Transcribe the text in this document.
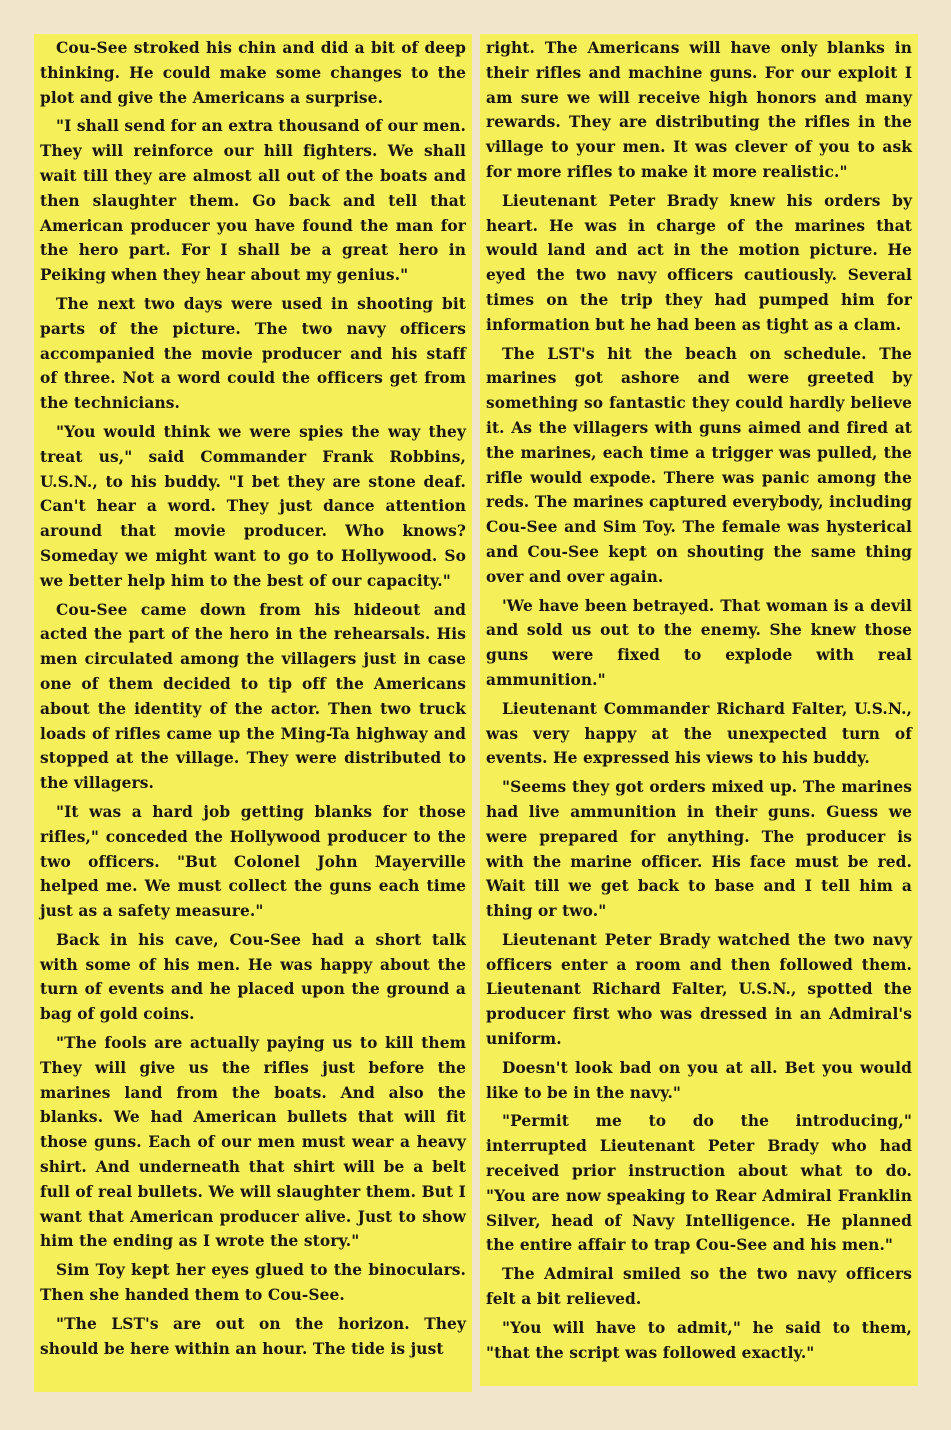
Cou-See stroked his chin and did a bit of deep thinking. He could make some changes to the plot and give the Americans a surprise.

"I shall send for an extra thousand of our men. They will reinforce our hill fighters. We shall wait till they are almost all out of the boats and then slaughter them. Go back and tell that American producer you have found the man for the hero part. For I shall be a great hero in Peiking when they hear about my genius."

The next two days were used in shooting bit parts of the picture. The two navy officers accompanied the movie producer and his staff of three. Not a word could the officers get from the technicians.

"You would think we were spies the way they treat us," said Commander Frank Robbins, U.S.N., to his buddy. "I bet they are stone deaf. Can't hear a word. They just dance attention around that movie producer. Who knows? Someday we might want to go to Hollywood. So we better help him to the best of our capacity."

Cou-See came down from his hideout and acted the part of the hero in the rehearsals. His men circulated among the villagers just in case one of them decided to tip off the Americans about the identity of the actor. Then two truck loads of rifles came up the Ming-Ta highway and stopped at the village. They were distributed to the villagers.

"It was a hard job getting blanks for those rifles," conceded the Hollywood producer to the two officers. "But Colonel John Mayerville helped me. We must collect the guns each time just as a safety measure."

Back in his cave, Cou-See had a short talk with some of his men. He was happy about the turn of events and he placed upon the ground a bag of gold coins.

"The fools are actually paying us to kill them They will give us the rifles just before the marines land from the boats. And also the blanks. We had American bullets that will fit those guns. Each of our men must wear a heavy shirt. And underneath that shirt will be a belt full of real bullets. We will slaughter them. But I want that American producer alive. Just to show him the ending as I wrote the story."

Sim Toy kept her eyes glued to the binoculars. Then she handed them to Cou-See.

"The LST's are out on the horizon. They should be here within an hour. The tide is just

right. The Americans will have only blanks in their rifles and machine guns. For our exploit I am sure we will receive high honors and many rewards. They are distributing the rifles in the village to your men. It was clever of you to ask for more rifles to make it more realistic."

Lieutenant Peter Brady knew his orders by heart. He was in charge of the marines that would land and act in the motion picture. He eyed the two navy officers cautiously. Several times on the trip they had pumped him for information but he had been as tight as a clam.

The LST's hit the beach on schedule. The marines got ashore and were greeted by something so fantastic they could hardly believe it. As the villagers with guns aimed and fired at the marines, each time a trigger was pulled, the rifle would expode. There was panic among the reds. The marines captured everybody, including Cou-See and Sim Toy. The female was hysterical and Cou-See kept on shouting the same thing over and over again.

'We have been betrayed. That woman is a devil and sold us out to the enemy. She knew those guns were fixed to explode with real ammunition."

Lieutenant Commander Richard Falter, U.S.N., was very happy at the unexpected turn of events. He expressed his views to his buddy.

"Seems they got orders mixed up. The marines had live ammunition in their guns. Guess we were prepared for anything. The producer is with the marine officer. His face must be red. Wait till we get back to base and I tell him a thing or two."

Lieutenant Peter Brady watched the two navy officers enter a room and then followed them. Lieutenant Richard Falter, U.S.N., spotted the producer first who was dressed in an Admiral's uniform.

Doesn't look bad on you at all. Bet you would like to be in the navy."

"Permit me to do the introducing," interrupted Lieutenant Peter Brady who had received prior instruction about what to do. "You are now speaking to Rear Admiral Franklin Silver, head of Navy Intelligence. He planned the entire affair to trap Cou-See and his men."

The Admiral smiled so the two navy officers felt a bit relieved.

"You will have to admit," he said to them, "that the script was followed exactly."
